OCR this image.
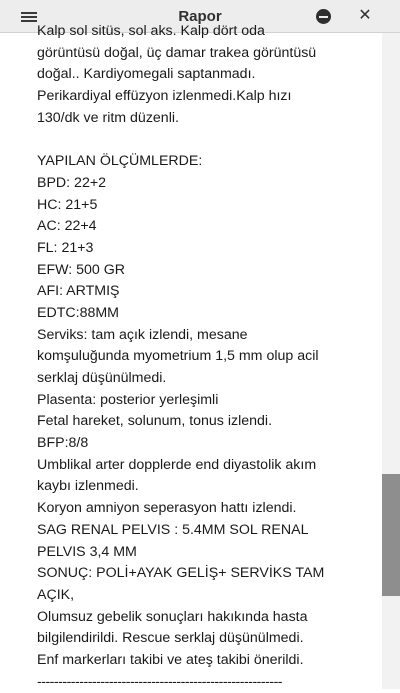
Rapor	✕
Kalp sol sitüs, sol aks. Kalp dört oda
görüntüsü doğal, üç damar trakea görüntüsü
doğal.. Kardiyomegali saptanmadı.
Perikardiyal effüzyon izlenmedi.Kalp hızı
130/dk ve ritm düzenli.
YAPILAN ÖLÇÜMLERDE:
BPD: 22+2
HC: 21+5
AC: 22+4
FL: 21+3
EFW: 500 GR
AFI: ARTMIŞ
EDTC:88MM
Serviks: tam açık izlendi, mesane
komşuluğunda myometrium 1,5 mm olup acil
serklaj düşünülmedi.
Plasenta: posterior yerleşimli
Fetal hareket, solunum, tonus izlendi.
BFP:8/8
Umblikal arter dopplerde end diyastolik akım
kaybı izlenmedi.
Koryon amniyon seperasyon hattı izlendi.
SAG RENAL PELVIS : 5.4MM SOL RENAL
PELVIS 3,4 MM
SONUÇ: POLİ+AYAK GELİŞ+ SERVİKS TAM
AÇIK,
Olumsuz gebelik sonuçları hakıkında hasta
bilgilendirildi. Rescue serklaj düşünülmedi.
Enf markerları takibi ve ateş takibi önerildi.
----------------------------------------------------------
